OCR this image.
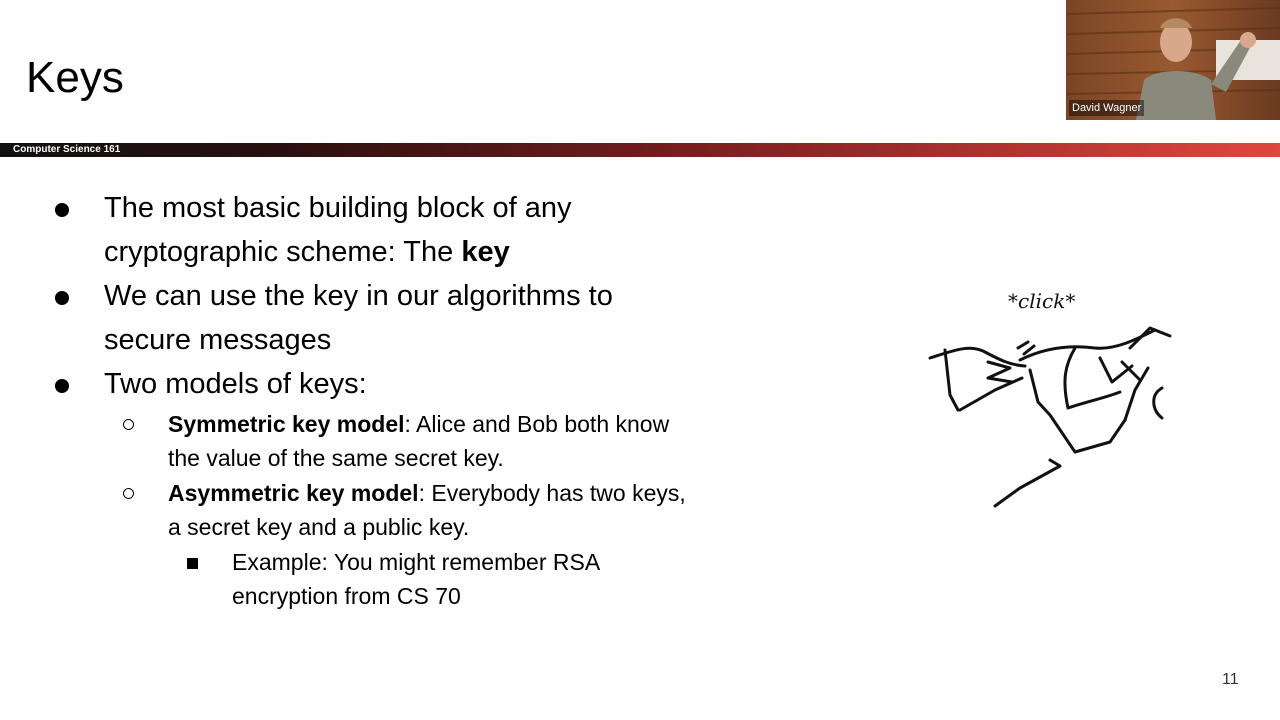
Keys
Computer Science 161
The most basic building block of any
cryptographic scheme: The key
We can use the key in our algorithms to
secure messages
Two models of keys:
Symmetric key model: Alice and Bob both know
the value of the same secret key.
Asymmetric key model: Everybody has two keys,
a secret key and a public key.
Example: You might remember RSA
encryption from CS 70
*click*
David Wagner
11
